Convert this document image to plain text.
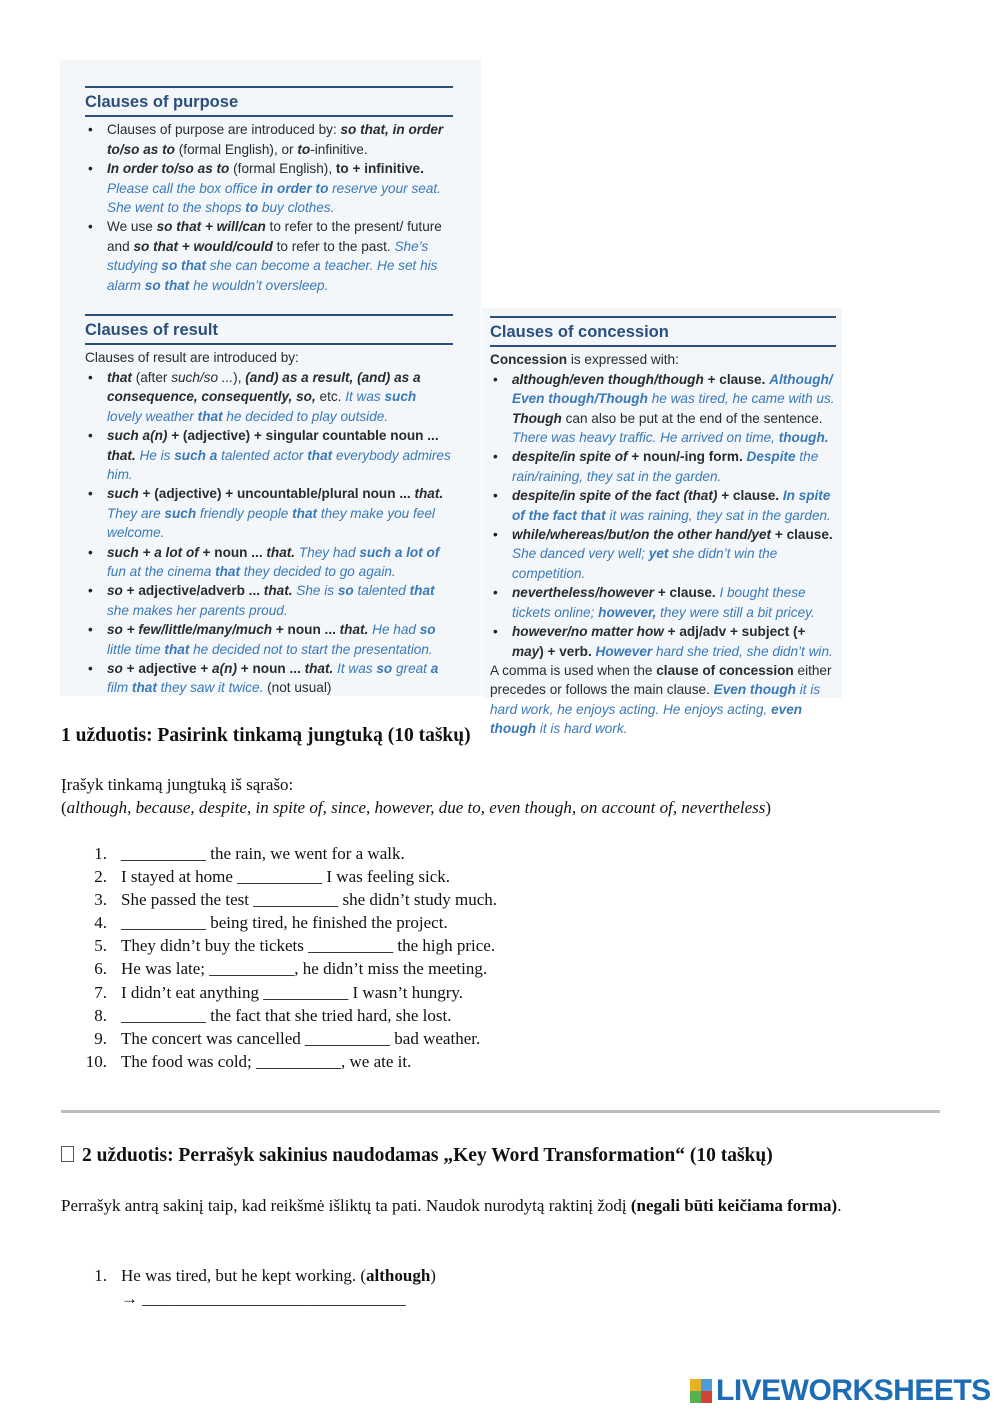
Clauses of purpose
• Clauses of purpose are introduced by: so that, in order to/so as to (formal English), or to-infinitive.
• In order to/so as to (formal English), to + infinitive.
Please call the box office in order to reserve your seat.
She went to the shops to buy clothes.
• We use so that + will/can to refer to the present/ future and so that + would/could to refer to the past. She’s studying so that she can become a teacher. He set his alarm so that he wouldn’t oversleep.
Clauses of result

Clauses of result are introduced by:

• that (after such/so ...), (and) as a result, (and) as a consequence, consequently, so, etc. It was such lovely weather that he decided to play outside.
• such a(n) + (adjective) + singular countable noun ... that. He is such a talented actor that everybody admires him.
• such + (adjective) + uncountable/plural noun ... that. They are such friendly people that they make you feel welcome.
• such + a lot of + noun ... that. They had such a lot of fun at the cinema that they decided to go again.
• so + adjective/adverb ... that. She is so talented that she makes her parents proud.
• so + few/little/many/much + noun ... that. He had so little time that he decided not to start the presentation.
• so + adjective + a(n) + noun ... that. It was so great a film that they saw it twice. (not usual)
Clauses of concession

Concession is expressed with:

• although/even though/though + clause. Although/ Even though/Though he was tired, he came with us. Though can also be put at the end of the sentence. There was heavy traffic. He arrived on time, though.
• despite/in spite of + noun/-ing form. Despite the rain/raining, they sat in the garden.
• despite/in spite of the fact (that) + clause. In spite of the fact that it was raining, they sat in the garden.
• while/whereas/but/on the other hand/yet + clause. She danced very well; yet she didn’t win the competition.
• nevertheless/however + clause. I bought these tickets online; however, they were still a bit pricey.
• however/no matter how + adj/adv + subject (+ may) + verb. However hard she tried, she didn’t win.

A comma is used when the clause of concession either precedes or follows the main clause. Even though it is hard work, he enjoys acting. He enjoys acting, even though it is hard work.

1 užduotis: Pasirink tinkamą jungtuką (10 taškų)

Įrašyk tinkamą jungtuką iš sąrašo:
(although, because, despite, in spite of, since, however, due to, even though, on account of, nevertheless)

1. __________ the rain, we went for a walk.
2. I stayed at home __________ I was feeling sick.
3. She passed the test __________ she didn’t study much.
4. __________ being tired, he finished the project.
5. They didn’t buy the tickets __________ the high price.
6. He was late; __________, he didn’t miss the meeting.
7. I didn’t eat anything __________ I wasn’t hungry.
8. __________ the fact that she tried hard, she lost.
9. The concert was cancelled __________ bad weather.
10. The food was cold; __________, we ate it.
2 užduotis: Perrašyk sakinius naudodamas „Key Word Transformation“ (10 taškų)

Perrašyk antrą sakinį taip, kad reikšmė išliktų ta pati. Naudok nurodytą raktinį žodį (negali būti keičiama forma).

1. He was tired, but he kept working. (although)
→ _______________________________
LIVEWORKSHEETS
